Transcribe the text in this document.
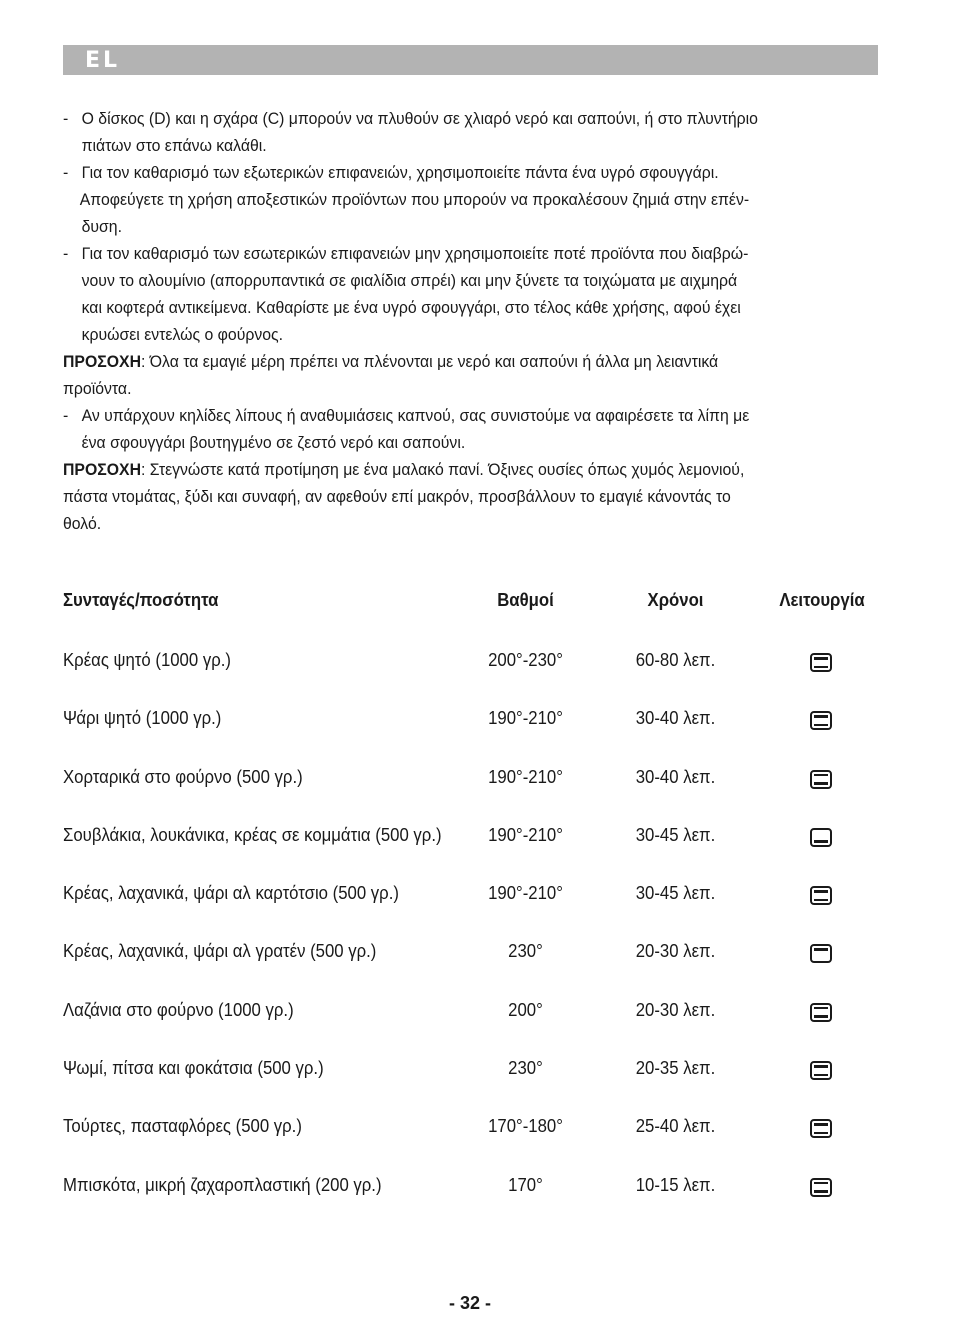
EL

- Ο δίσκος (D) και η σχάρα (C) μπορούν να πλυθούν σε χλιαρό νερό και σαπούνι, ή στο πλυντήριο
πιάτων στο επάνω καλάθι.

- Για τον καθαρισμό των εξωτερικών επιφανειών, χρησιμοποιείτε πάντα ένα υγρό σφουγγάρι.

Αποφεύγετε τη χρήση αποξεστικών προϊόντων που μπορούν να προκαλέσουν ζημιά στην επέν-
δυση.

- Για τον καθαρισμό των εσωτερικών επιφανειών μην χρησιμοποιείτε ποτέ προϊόντα που διαβρώ-
νουν το αλουμίνιο (απορρυπαντικά σε φιαλίδια σπρέι) και μην ξύνετε τα τοιχώματα με αιχμηρά
και κοφτερά αντικείμενα. Καθαρίστε με ένα υγρό σφουγγάρι, στο τέλος κάθε χρήσης, αφού έχει
κρυώσει εντελώς ο φούρνος.

ΠΡΟΣΟΧΗ: Όλα τα εμαγιέ μέρη πρέπει να πλένονται με νερό και σαπούνι ή άλλα μη λειαντικά
προϊόντα.

- Αν υπάρχουν κηλίδες λίπους ή αναθυμιάσεις καπνού, σας συνιστούμε να αφαιρέσετε τα λίπη με
ένα σφουγγάρι βουτηγμένο σε ζεστό νερό και σαπούνι.

ΠΡΟΣΟΧΗ: Στεγνώστε κατά προτίμηση με ένα μαλακό πανί. Όξινες ουσίες όπως χυμός λεμονιού,
πάστα ντομάτας, ξύδι και συναφή, αν αφεθούν επί μακρόν, προσβάλλουν το εμαγιέ κάνοντάς το
θολό.

Συνταγές/ποσότητα	Βαθμοί	Χρόνοι	Λειτουργία
Κρέας ψητό (1000 γρ.)	200°-230°	60-80 λεπ.
Ψάρι ψητό (1000 γρ.)	190°-210°	30-40 λεπ.
Χορταρικά στο φούρνο (500 γρ.)	190°-210°	30-40 λεπ.
Σουβλάκια, λουκάνικα, κρέας σε κομμάτια (500 γρ.)	190°-210°	30-45 λεπ.
Κρέας, λαχανικά, ψάρι αλ καρτότσιο (500 γρ.)	190°-210°	30-45 λεπ.
Κρέας, λαχανικά, ψάρι αλ γρατέν (500 γρ.)	230°	20-30 λεπ.
Λαζάνια στο φούρνο (1000 γρ.)	200°	20-30 λεπ.
Ψωμί, πίτσα και φοκάτσια (500 γρ.)	230°	20-35 λεπ.
Τούρτες, πασταφλόρες (500 γρ.)	170°-180°	25-40 λεπ.
Μπισκότα, μικρή ζαχαροπλαστική (200 γρ.)	170°	10-15 λεπ.
- 32 -
